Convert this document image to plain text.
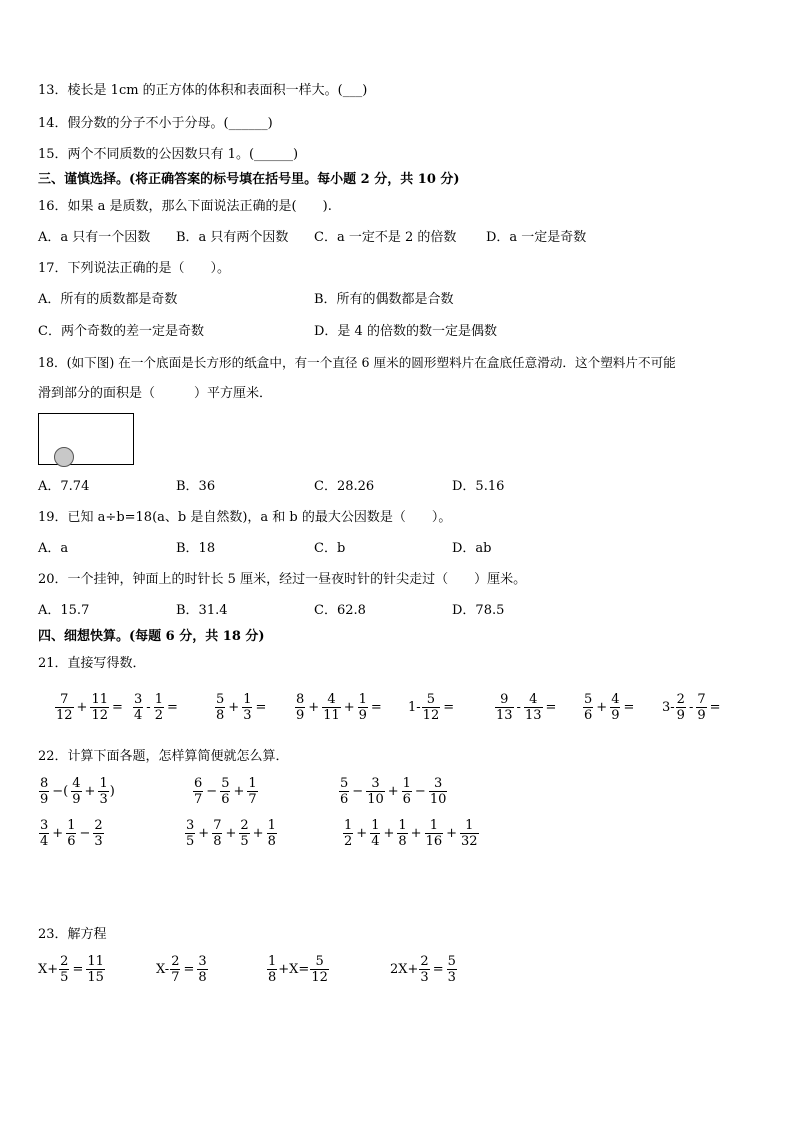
13．棱长是 1cm 的正方体的体积和表面积一样大。(___)
14．假分数的分子不小于分母。(______)
15．两个不同质数的公因数只有 1。(______)
三、谨慎选择。(将正确答案的标号填在括号里。每小题 2 分，共 10 分)
16．如果 a 是质数，那么下面说法正确的是(　　).
A．a 只有一个因数 B．a 只有两个因数 C．a 一定不是 2 的倍数 D．a 一定是奇数
17．下列说法正确的是（　　）。
A．所有的质数都是奇数	B．所有的偶数都是合数
C．两个奇数的差一定是奇数	D．是 4 的倍数的数一定是偶数
18．(如下图) 在一个底面是长方形的纸盒中，有一个直径 6 厘米的圆形塑料片在盒底任意滑动．这个塑料片不可能
滑到部分的面积是（　　　）平方厘米．
A．7.74	B．36	C．28.26	D．5.16
19．已知 a÷b=18(a、b 是自然数)，a 和 b 的最大公因数是（　　）。
A．a	B．18	C．b	D．ab
20．一个挂钟，钟面上的时针长 5 厘米，经过一昼夜时针的针尖走过（　　）厘米。
A．15.7	B．31.4	C．62.8	D．78.5
四、细想快算。(每题 6 分，共 18 分)
21．直接写得数．
$\frac{7}{12} + \frac{11}{12} = \frac{3}{4} - \frac{1}{2}$ =	$\frac{5}{8} + \frac{1}{3} = \frac{8}{9} + \frac{4}{11} + \frac{1}{9} = 1- \frac{5}{12}$ =	$\frac{9}{13} - \frac{4}{13} = \frac{5}{6} + \frac{4}{9} = 3- \frac{2}{9} - \frac{7}{9}$ =
22．计算下面各题，怎样算简便就怎么算．
$\frac{8}{9}$ −( $\frac{4}{9} + \frac{1}{3}$ )	$\frac{6}{7} - \frac{5}{6} + \frac{1}{7}$	$\frac{5}{6} - \frac{3}{10} + \frac{1}{6} - \frac{3}{10}$
$\frac{3}{4} + \frac{1}{6} - \frac{2}{3}$	$\frac{3}{5} + \frac{7}{8} + \frac{2}{5} + \frac{1}{8}$	$\frac{1}{2} + \frac{1}{4} + \frac{1}{8} + \frac{1}{16} + \frac{1}{32}$
23．解方程
$X+ \frac{2}{5} = \frac{11}{15}$	$X- \frac{2}{7} = \frac{3}{8}$	$\frac{1}{8} +X= \frac{5}{12}$	$2X+ \frac{2}{3} = \frac{5}{3}$
